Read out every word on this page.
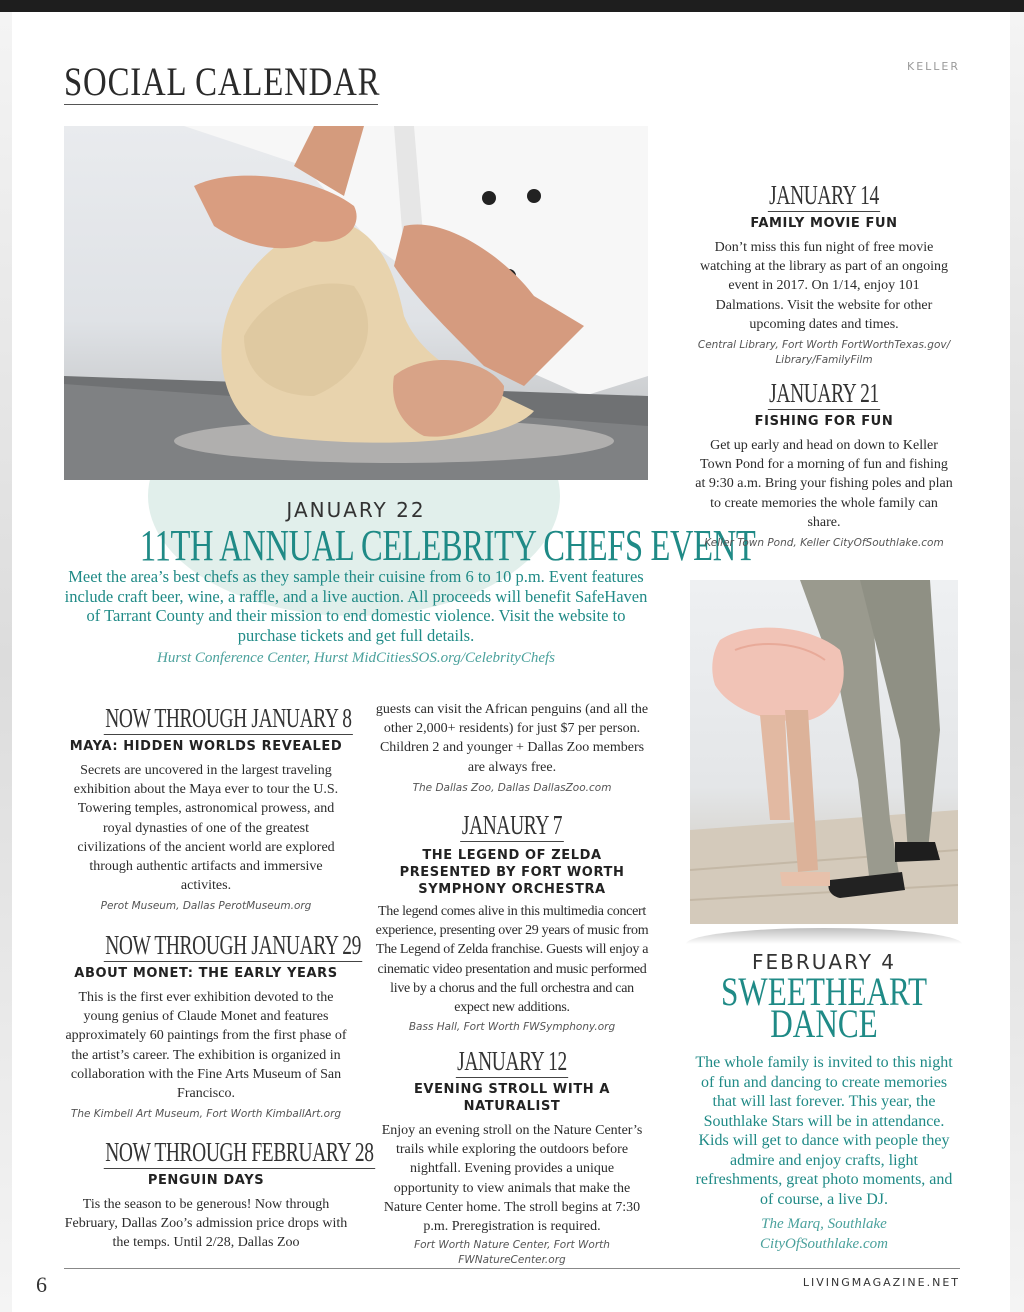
SOCIAL CALENDAR	KELLER
JANUARY 22
11TH ANNUAL CELEBRITY CHEFS EVENT
Meet the area’s best chefs as they sample their cuisine from 6 to 10 p.m. Event features include craft beer, wine, a raffle, and a live auction. All proceeds will benefit SafeHaven of Tarrant County and their mission to end domestic violence. Visit the website to purchase tickets and get full details.
Hurst Conference Center, Hurst MidCitiesSOS.org/CelebrityChefs
NOW THROUGH JANUARY 8
MAYA: HIDDEN WORLDS REVEALED
Secrets are uncovered in the largest traveling exhibition about the Maya ever to tour the U.S. Towering temples, astronomical prowess, and royal dynasties of one of the greatest civilizations of the ancient world are explored through authentic artifacts and immersive activites.
Perot Museum, Dallas PerotMuseum.org
NOW THROUGH JANUARY 29
ABOUT MONET: THE EARLY YEARS
This is the first ever exhibition devoted to the young genius of Claude Monet and features approximately 60 paintings from the first phase of the artist’s career. The exhibition is organized in collaboration with the Fine Arts Museum of San Francisco.
The Kimbell Art Museum, Fort Worth KimballArt.org
NOW THROUGH FEBRUARY 28
PENGUIN DAYS
Tis the season to be generous! Now through February, Dallas Zoo’s admission price drops with the temps. Until 2/28, Dallas Zoo
guests can visit the African penguins (and all the other 2,000+ residents) for just $7 per person. Children 2 and younger + Dallas Zoo members are always free.
The Dallas Zoo, Dallas DallasZoo.com
JANAURY 7
THE LEGEND OF ZELDA PRESENTED BY FORT WORTH SYMPHONY ORCHESTRA
The legend comes alive in this multimedia concert experience, presenting over 29 years of music from The Legend of Zelda franchise. Guests will enjoy a cinematic video presentation and music performed live by a chorus and the full orchestra and can expect new additions.
Bass Hall, Fort Worth FWSymphony.org
JANUARY 12
EVENING STROLL WITH A NATURALIST
Enjoy an evening stroll on the Nature Center’s trails while exploring the outdoors before nightfall. Evening provides a unique opportunity to view animals that make the Nature Center home. The stroll begins at 7:30 p.m. Preregistration is required.
Fort Worth Nature Center, Fort Worth FWNatureCenter.org
JANUARY 14
FAMILY MOVIE FUN
Don’t miss this fun night of free movie watching at the library as part of an ongoing event in 2017. On 1/14, enjoy 101 Dalmations. Visit the website for other upcoming dates and times.
Central Library, Fort Worth FortWorthTexas.gov/ Library/FamilyFilm
JANUARY 21
FISHING FOR FUN
Get up early and head on down to Keller Town Pond for a morning of fun and fishing at 9:30 a.m. Bring your fishing poles and plan to create memories the whole family can share.
Keller Town Pond, Keller CityOfSouthlake.com
FEBRUARY 4
SWEETHEART
DANCE
The whole family is invited to this night of fun and dancing to create memories that will last forever. This year, the Southlake Stars will be in attendance. Kids will get to dance with people they admire and enjoy crafts, light refreshments, great photo moments, and of course, a live DJ.
The Marq, Southlake
CityOfSouthlake.com
6	LIVINGMAGAZINE.NET
